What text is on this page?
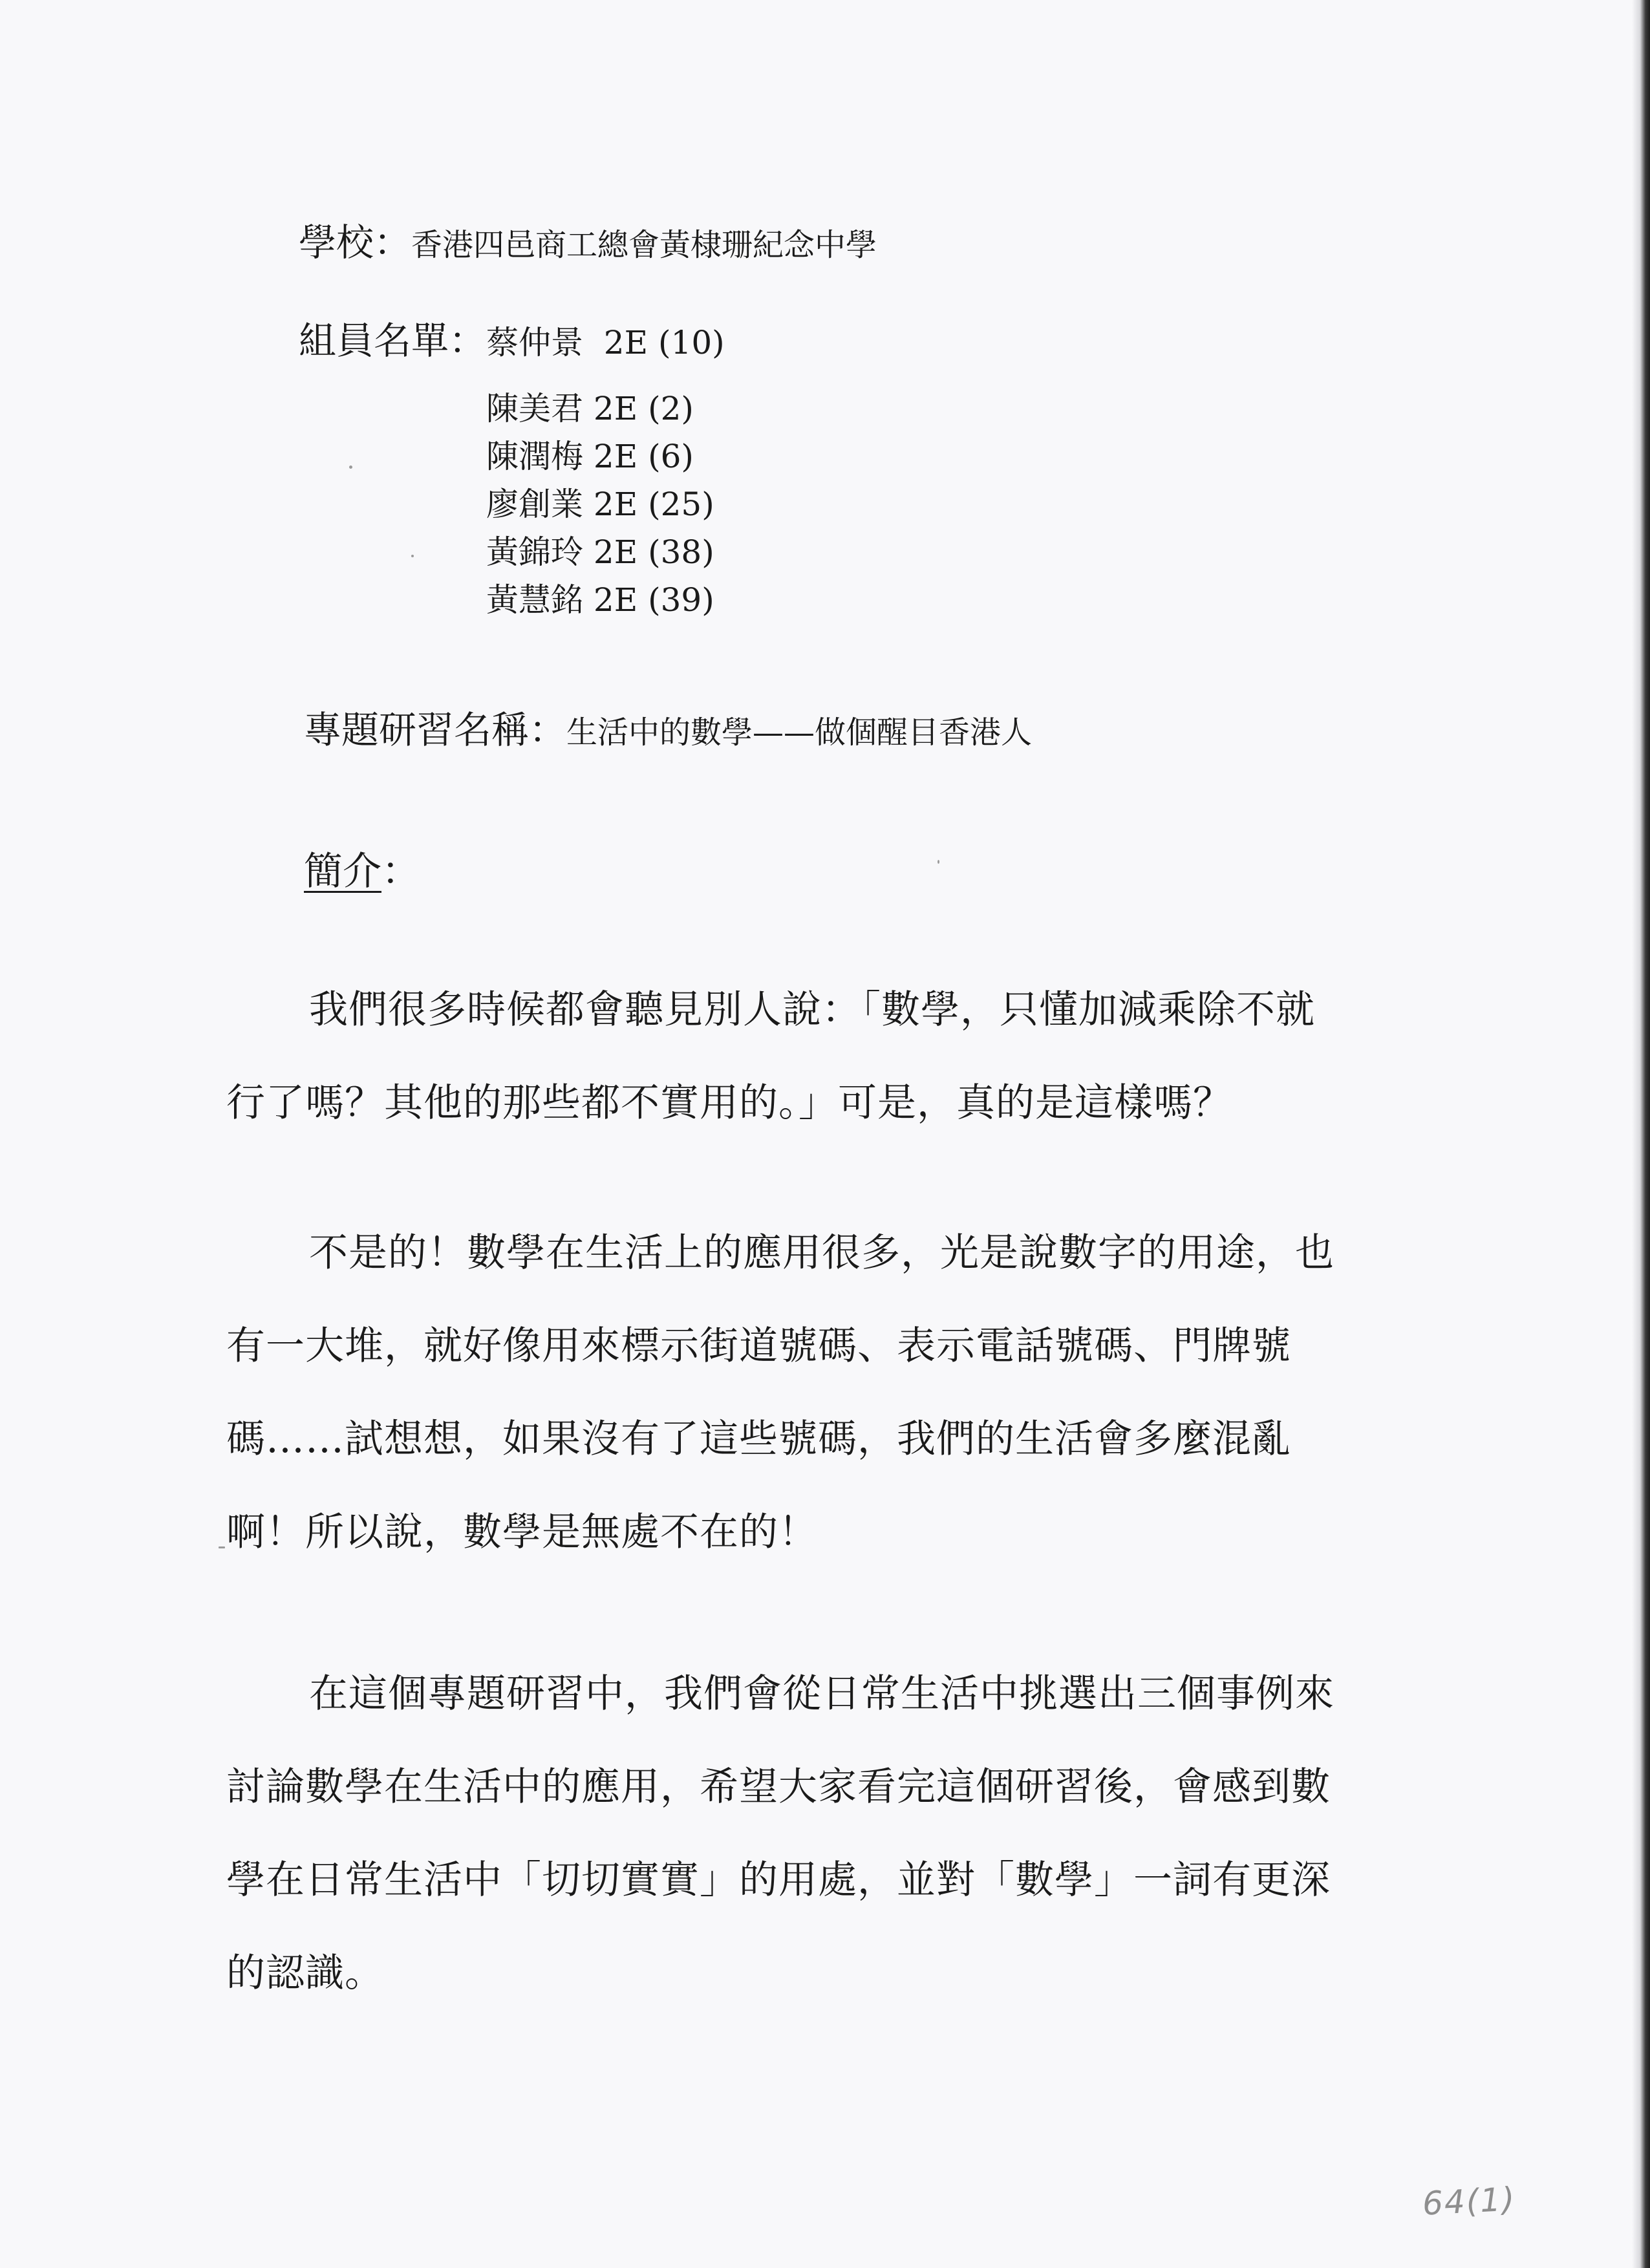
學校：香港四邑商工總會黃棣珊紀念中學
組員名單：蔡仲景  2E (10)
陳美君 2E (2)
陳潤梅 2E (6)
廖創業 2E (25)
黃錦玲 2E (38)
黃慧銘 2E (39)
專題研習名稱：生活中的數學——做個醒目香港人
簡介：
我們很多時候都會聽見別人說：「數學，只懂加減乘除不就行了嗎？其他的那些都不實用的。」可是，真的是這樣嗎？
不是的！數學在生活上的應用很多，光是說數字的用途，也有一大堆，就好像用來標示街道號碼、表示電話號碼、門牌號碼……試想想，如果沒有了這些號碼，我們的生活會多麼混亂啊！所以說，數學是無處不在的！
在這個專題研習中，我們會從日常生活中挑選出三個事例來討論數學在生活中的應用，希望大家看完這個研習後，會感到數學在日常生活中「切切實實」的用處，並對「數學」一詞有更深的認識。
64(1)
